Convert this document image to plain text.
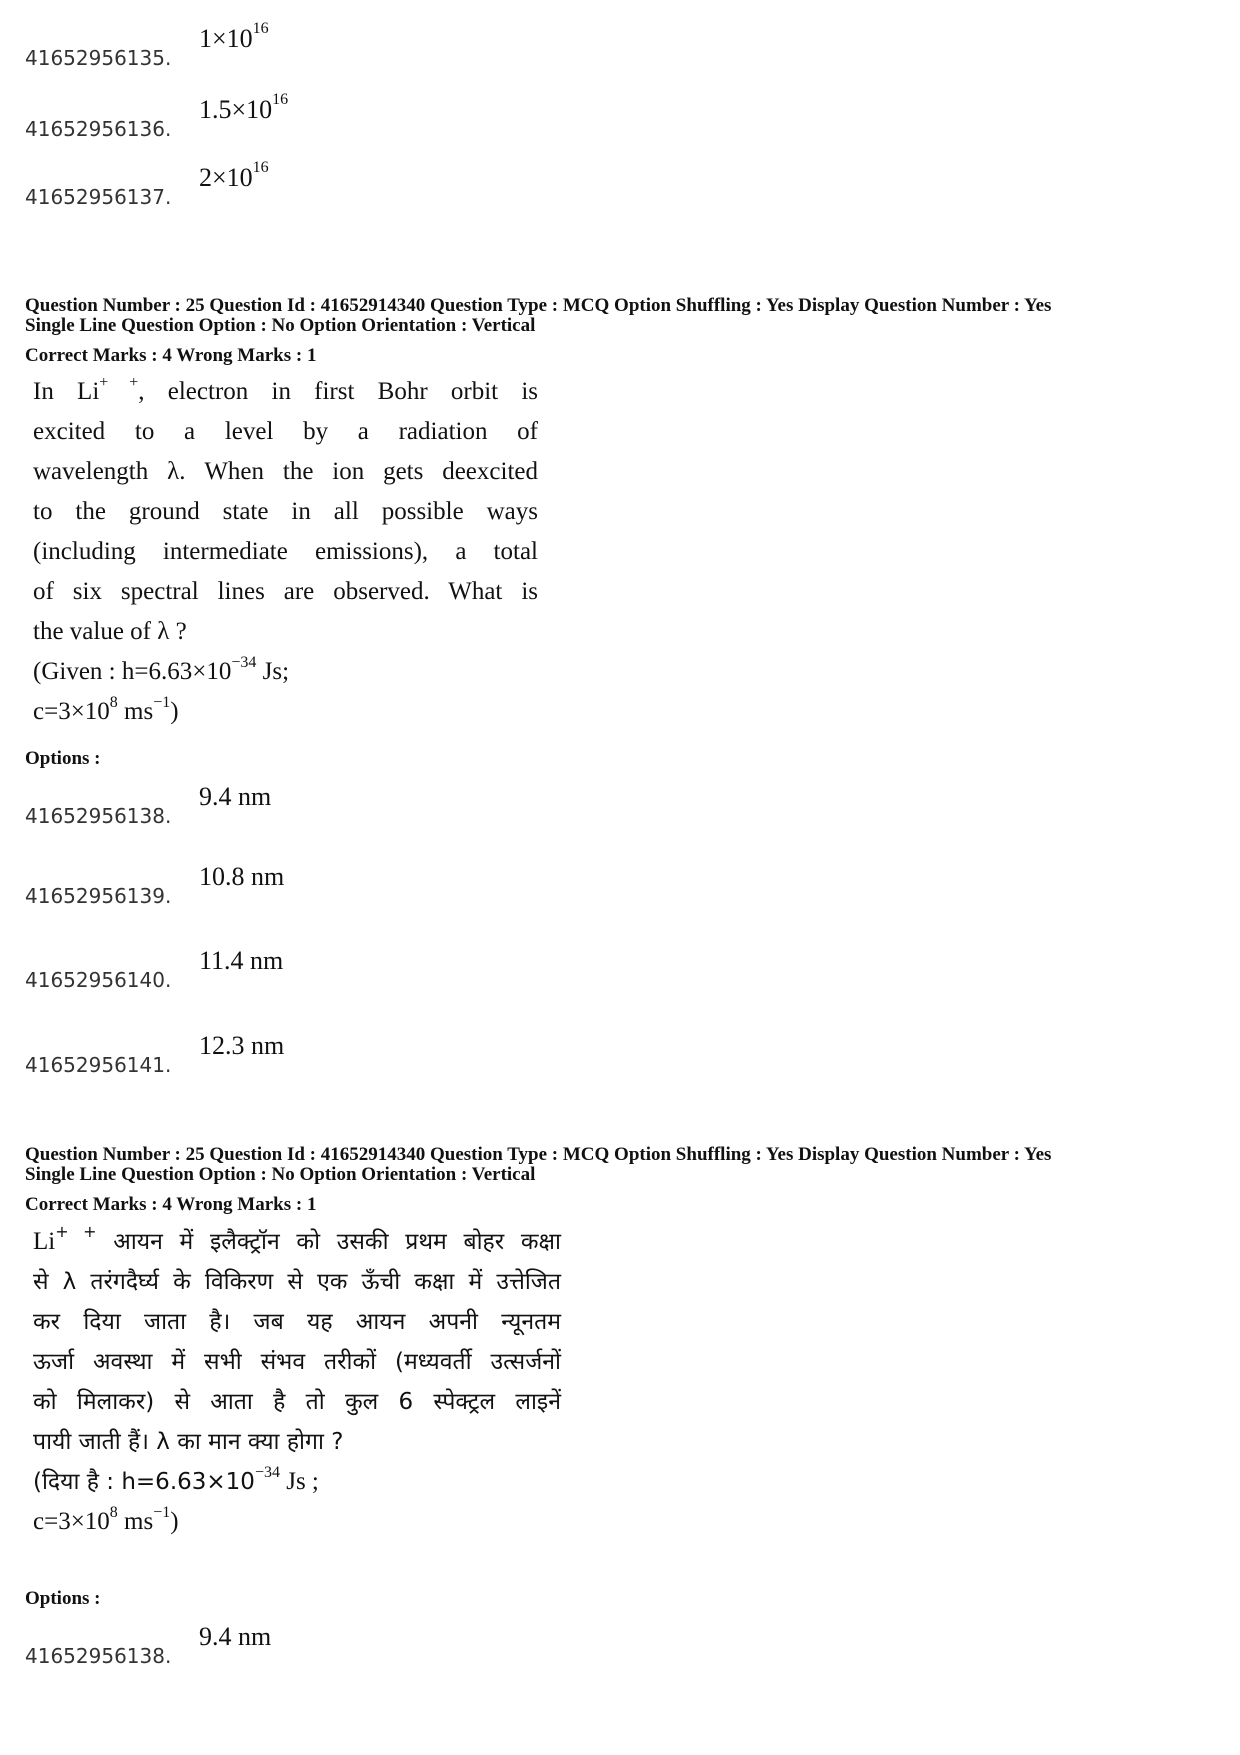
41652956135.
$1\times 10^{16}$
41652956136.
$1.5\times 10^{16}$
41652956137.
$2\times 10^{16}$
Question Number : 25 Question Id : 41652914340 Question Type : MCQ Option Shuffling : Yes Display Question Number : Yes
Single Line Question Option : No Option Orientation : Vertical
Correct Marks : 4 Wrong Marks : 1
In Li+ +, electron in first Bohr orbit is
excited to a level by a radiation of
wavelength λ. When the ion gets deexcited
to the ground state in all possible ways
(including intermediate emissions), a total
of six spectral lines are observed. What is
the value of λ ?
(Given : $h=6.63\times 10^{-34}$ Js;
$c=3\times 10^8$ $ms^{-1}$)
Options :
41652956138.
9.4 nm
41652956139.
10.8 nm
41652956140.
11.4 nm
41652956141.
12.3 nm
Question Number : 25 Question Id : 41652914340 Question Type : MCQ Option Shuffling : Yes Display Question Number : Yes
Single Line Question Option : No Option Orientation : Vertical
Correct Marks : 4 Wrong Marks : 1
Li+ + आयन में इलैक्ट्रॉन को उसकी प्रथम बोहर कक्षा
से λ तरंगदैर्घ्य के विकिरण से एक ऊँची कक्षा में उत्तेजित
कर दिया जाता है। जब यह आयन अपनी न्यूनतम
ऊर्जा अवस्था में सभी संभव तरीकों (मध्यवर्ती उत्सर्जनों
को मिलाकर) से आता है तो कुल 6 स्पेक्ट्रल लाइनें
पायी जाती हैं। λ का मान क्या होगा ?
(दिया है : $h=6.63\times 10^{-34}$ Js ;
$c=3\times 10^8$ $ms^{-1}$)
Options :
41652956138.
9.4 nm
